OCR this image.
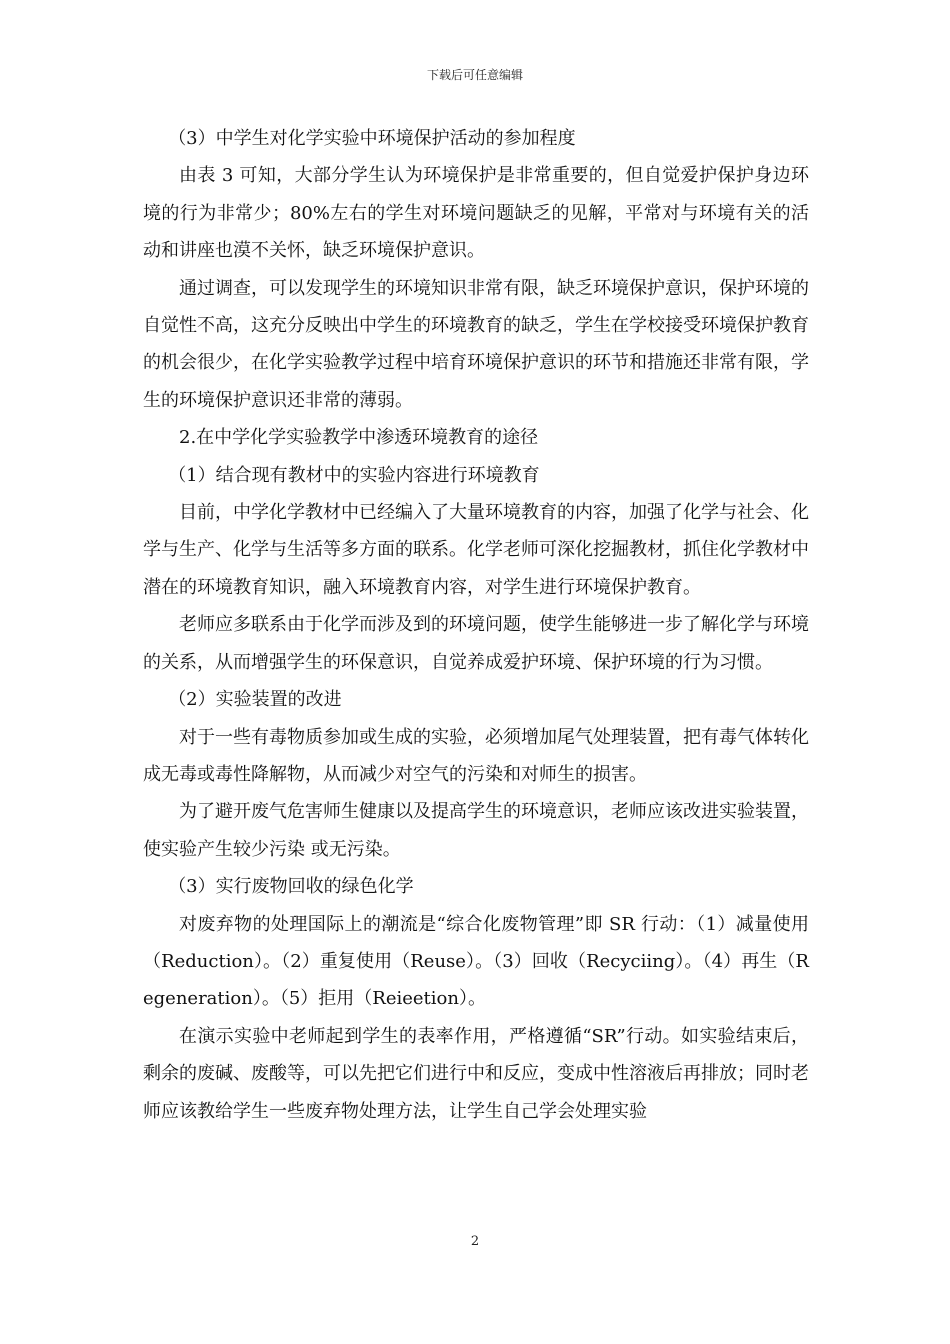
下载后可任意编辑

（3）中学生对化学实验中环境保护活动的参加程度

由表 3 可知，大部分学生认为环境保护是非常重要的，但自觉爱护保护身边环境的行为非常少；80%左右的学生对环境问题缺乏的见解，平常对与环境有关的活动和讲座也漠不关怀，缺乏环境保护意识。

通过调查，可以发现学生的环境知识非常有限，缺乏环境保护意识，保护环境的自觉性不高，这充分反映出中学生的环境教育的缺乏，学生在学校接受环境保护教育的机会很少，在化学实验教学过程中培育环境保护意识的环节和措施还非常有限，学生的环境保护意识还非常的薄弱。

2.在中学化学实验教学中渗透环境教育的途径

（1）结合现有教材中的实验内容进行环境教育

目前，中学化学教材中已经编入了大量环境教育的内容，加强了化学与社会、化学与生产、化学与生活等多方面的联系。化学老师可深化挖掘教材，抓住化学教材中潜在的环境教育知识，融入环境教育内容，对学生进行环境保护教育。

老师应多联系由于化学而涉及到的环境问题，使学生能够进一步了解化学与环境的关系，从而增强学生的环保意识，自觉养成爱护环境、保护环境的行为习惯。

（2）实验装置的改进

对于一些有毒物质参加或生成的实验，必须增加尾气处理装置，把有毒气体转化成无毒或毒性降解物，从而减少对空气的污染和对师生的损害。

为了避开废气危害师生健康以及提高学生的环境意识，老师应该改进实验装置，使实验产生较少污染 或无污染。

（3）实行废物回收的绿色化学

对废弃物的处理国际上的潮流是“综合化废物管理”即 SR 行动：（1）减量使用（Reduction）。（2）重复使用（Reuse）。（3）回收（Recyciing）。（4）再生（Regeneration）。（5）拒用（Reieetion）。

在演示实验中老师起到学生的表率作用，严格遵循“SR”行动。如实验结束后，剩余的废碱、废酸等，可以先把它们进行中和反应，变成中性溶液后再排放；同时老师应该教给学生一些废弃物处理方法，让学生自己学会处理实验

2
